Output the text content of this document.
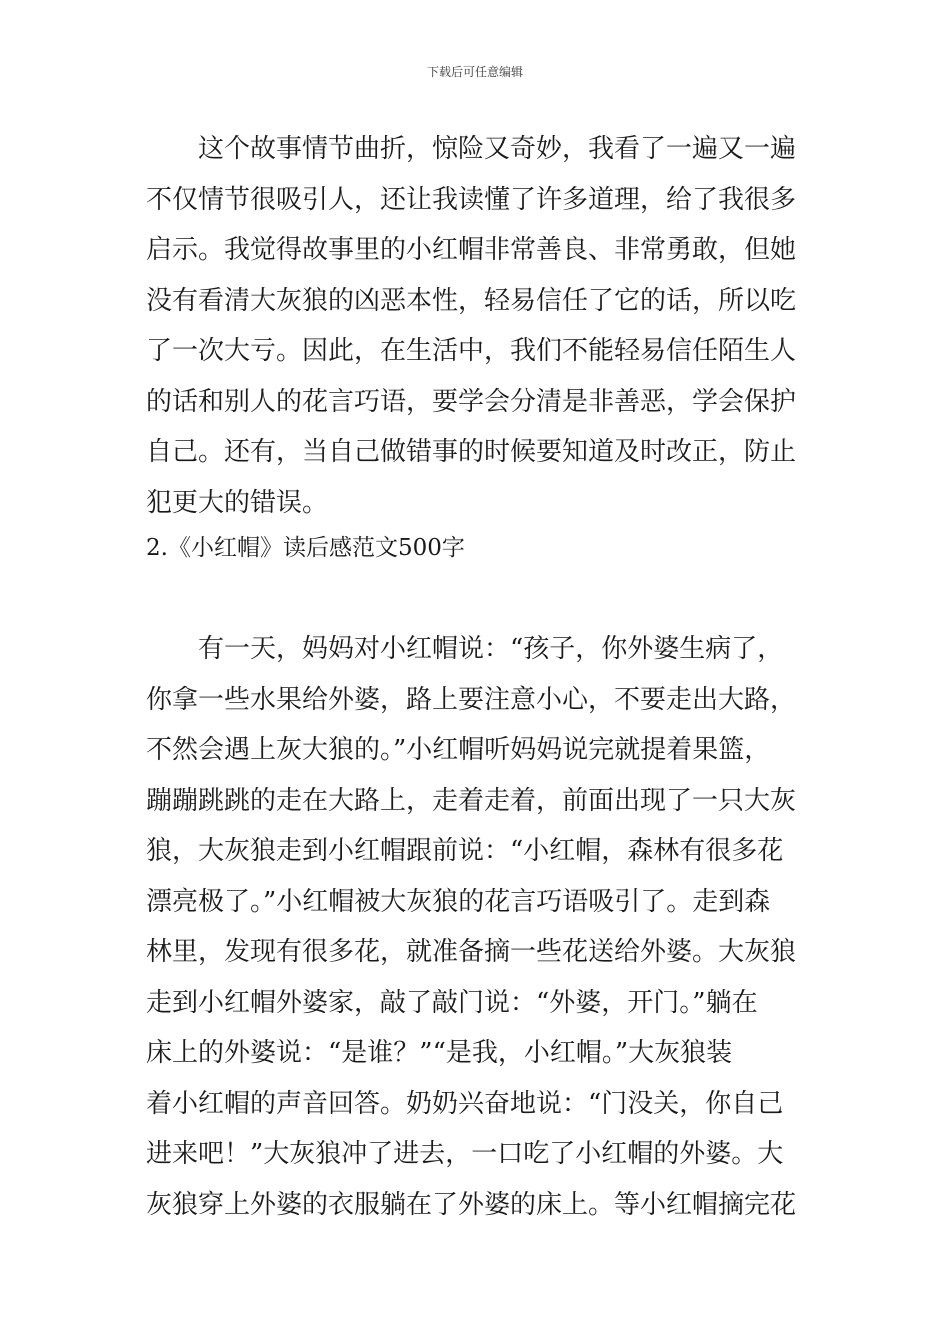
下载后可任意编辑
这个故事情节曲折，惊险又奇妙，我看了一遍又一遍
不仅情节很吸引人，还让我读懂了许多道理，给了我很多
启示。我觉得故事里的小红帽非常善良、非常勇敢，但她
没有看清大灰狼的凶恶本性，轻易信任了它的话，所以吃
了一次大亏。因此，在生活中，我们不能轻易信任陌生人
的话和别人的花言巧语，要学会分清是非善恶，学会保护
自己。还有，当自己做错事的时候要知道及时改正，防止
犯更大的错误。
2.《小红帽》读后感范文500字
有一天，妈妈对小红帽说：“孩子，你外婆生病了，
你拿一些水果给外婆，路上要注意小心，不要走出大路，
不然会遇上灰大狼的。”小红帽听妈妈说完就提着果篮，
蹦蹦跳跳的走在大路上，走着走着，前面出现了一只大灰
狼，大灰狼走到小红帽跟前说：“小红帽，森林有很多花
漂亮极了。”小红帽被大灰狼的花言巧语吸引了。走到森
林里，发现有很多花，就准备摘一些花送给外婆。大灰狼
走到小红帽外婆家，敲了敲门说：“外婆，开门。”躺在
床上的外婆说：“是谁？”“是我，小红帽。”大灰狼装
着小红帽的声音回答。奶奶兴奋地说：“门没关，你自己
进来吧！”大灰狼冲了进去，一口吃了小红帽的外婆。大
灰狼穿上外婆的衣服躺在了外婆的床上。等小红帽摘完花
